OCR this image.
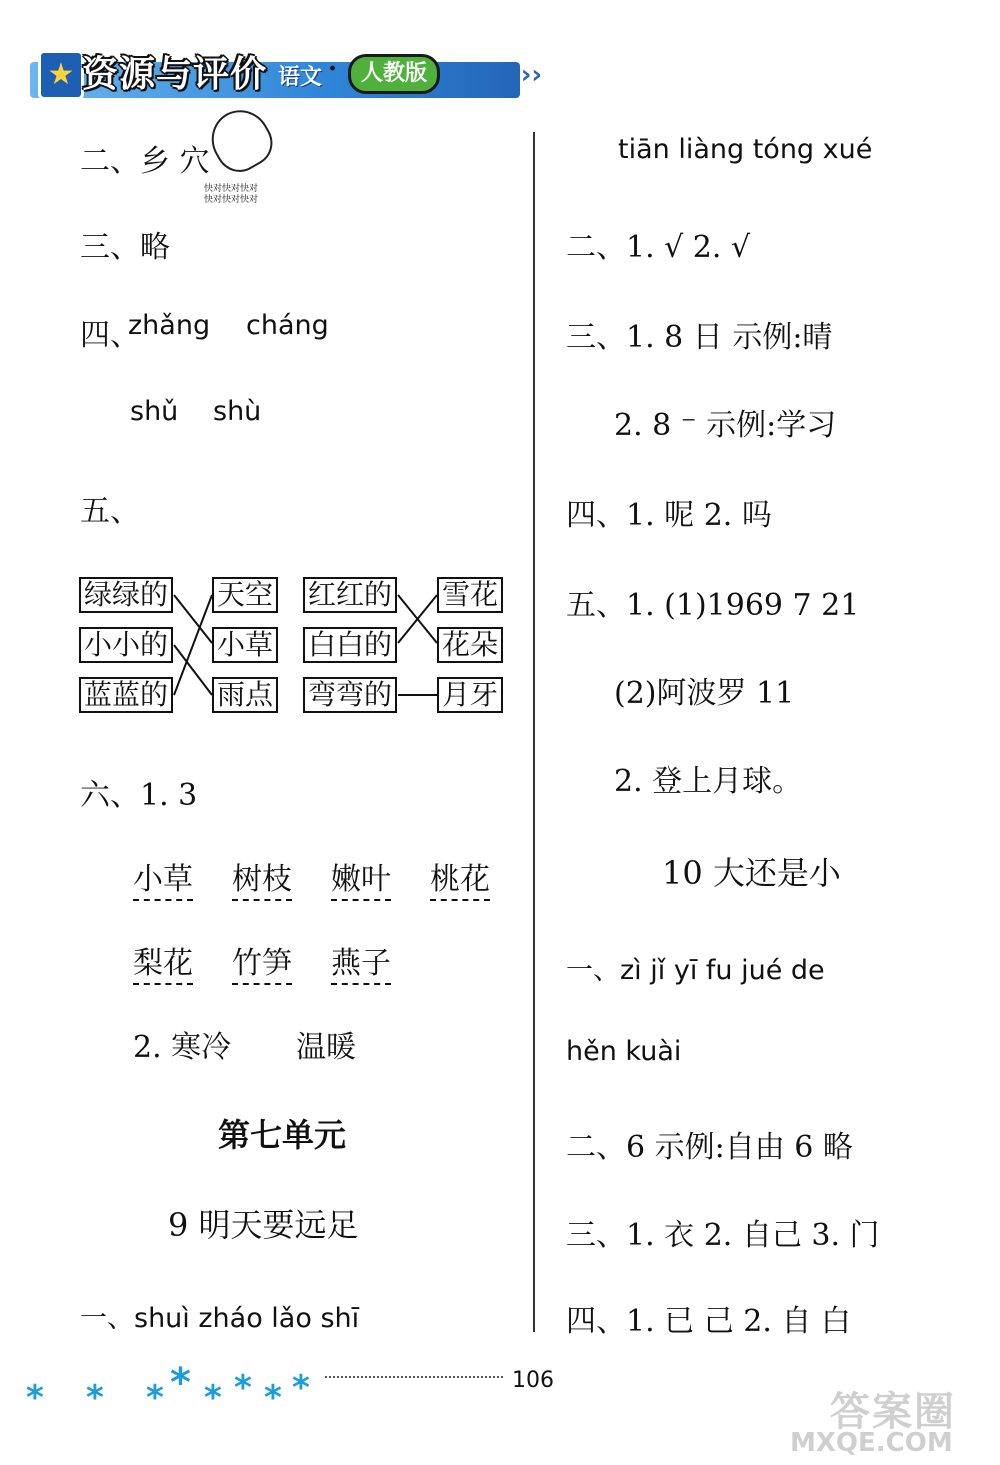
★ 资源与评价 语文 ·	人教版	›››
快对快对快对
快对快对快对
二、乡 穴
三、略
四、
zhǎng cháng
shǔ shù
五、
绿绿的
小小的
蓝蓝的
天空
小草
雨点
红红的
白白的
弯弯的
雪花
花朵
月牙
六、1. 3
小草 树枝 嫩叶 桃花
梨花 竹笋 燕子
2. 寒冷 温暖
第七单元
9 明天要远足
一、shuì zháo lǎo shī
tiān liàng tóng xué
二、1. √ 2. √
三、1. 8 日 示例:晴
2. 8 ⁻ 示例:学习
四、1. 呢 2. 吗
五、1. (1)1969 7 21
(2)阿波罗 11
2. 登上月球。
10 大还是小
一、zì jǐ yī fu jué de
hěn kuài
二、6 示例:自由 6 略
三、1. 衣 2. 自己 3. 门
四、1. 已 己 2. 自 白
* * * * * * * *	106
答案圈
MXQE.COM
